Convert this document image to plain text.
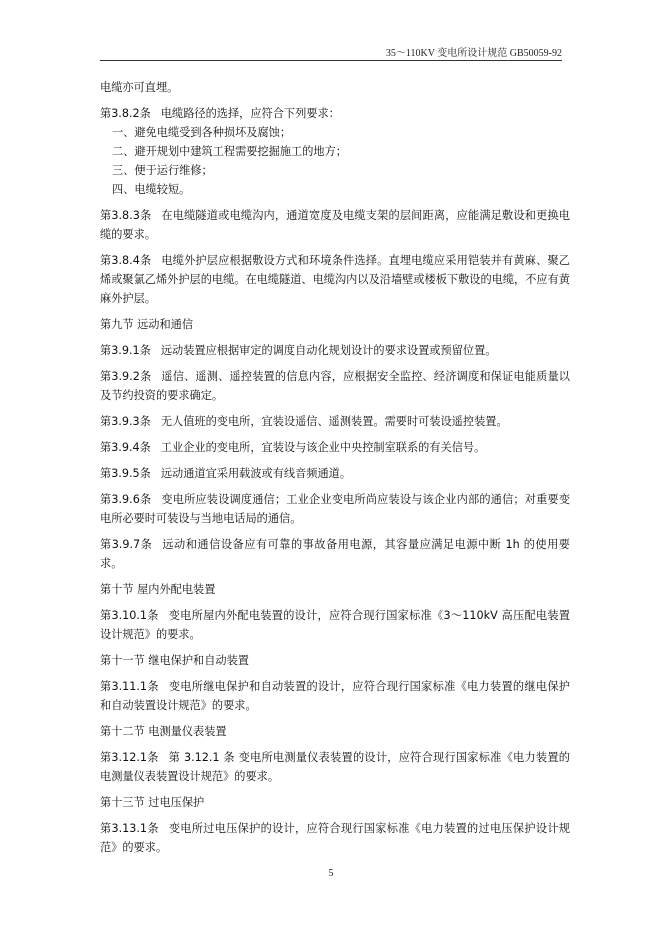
35～110KV 变电所设计规范 GB50059-92

电缆亦可直埋。

第3.8.2条 电缆路径的选择，应符合下列要求：

一、避免电缆受到各种损坏及腐蚀；

二、避开规划中建筑工程需要挖掘施工的地方；

三、便于运行维修；

四、电缆较短。

第3.8.3条 在电缆隧道或电缆沟内，通道宽度及电缆支架的层间距离，应能满足敷设和更换电缆的要求。

第3.8.4条 电缆外护层应根据敷设方式和环境条件选择。直埋电缆应采用铠装并有黄麻、聚乙烯或聚氯乙烯外护层的电缆。在电缆隧道、电缆沟内以及沿墙壁或楼板下敷设的电缆，不应有黄麻外护层。

第九节 远动和通信

第3.9.1条 远动装置应根据审定的调度自动化规划设计的要求设置或预留位置。

第3.9.2条 遥信、遥测、遥控装置的信息内容，应根据安全监控、经济调度和保证电能质量以及节约投资的要求确定。

第3.9.3条 无人值班的变电所，宜装设遥信、遥测装置。需要时可装设遥控装置。

第3.9.4条 工业企业的变电所，宜装设与该企业中央控制室联系的有关信号。

第3.9.5条 远动通道宜采用载波或有线音频通道。

第3.9.6条 变电所应装设调度通信；工业企业变电所尚应装设与该企业内部的通信；对重要变电所必要时可装设与当地电话局的通信。

第3.9.7条 远动和通信设备应有可靠的事故备用电源，其容量应满足电源中断 1h 的使用要求。

第十节 屋内外配电装置

第3.10.1条 变电所屋内外配电装置的设计，应符合现行国家标准《3～110kV 高压配电装置设计规范》的要求。

第十一节 继电保护和自动装置

第3.11.1条 变电所继电保护和自动装置的设计，应符合现行国家标准《电力装置的继电保护和自动装置设计规范》的要求。

第十二节 电测量仪表装置

第3.12.1条 第 3.12.1 条 变电所电测量仪表装置的设计，应符合现行国家标准《电力装置的电测量仪表装置设计规范》的要求。

第十三节 过电压保护

第3.13.1条 变电所过电压保护的设计，应符合现行国家标准《电力装置的过电压保护设计规范》的要求。

5
